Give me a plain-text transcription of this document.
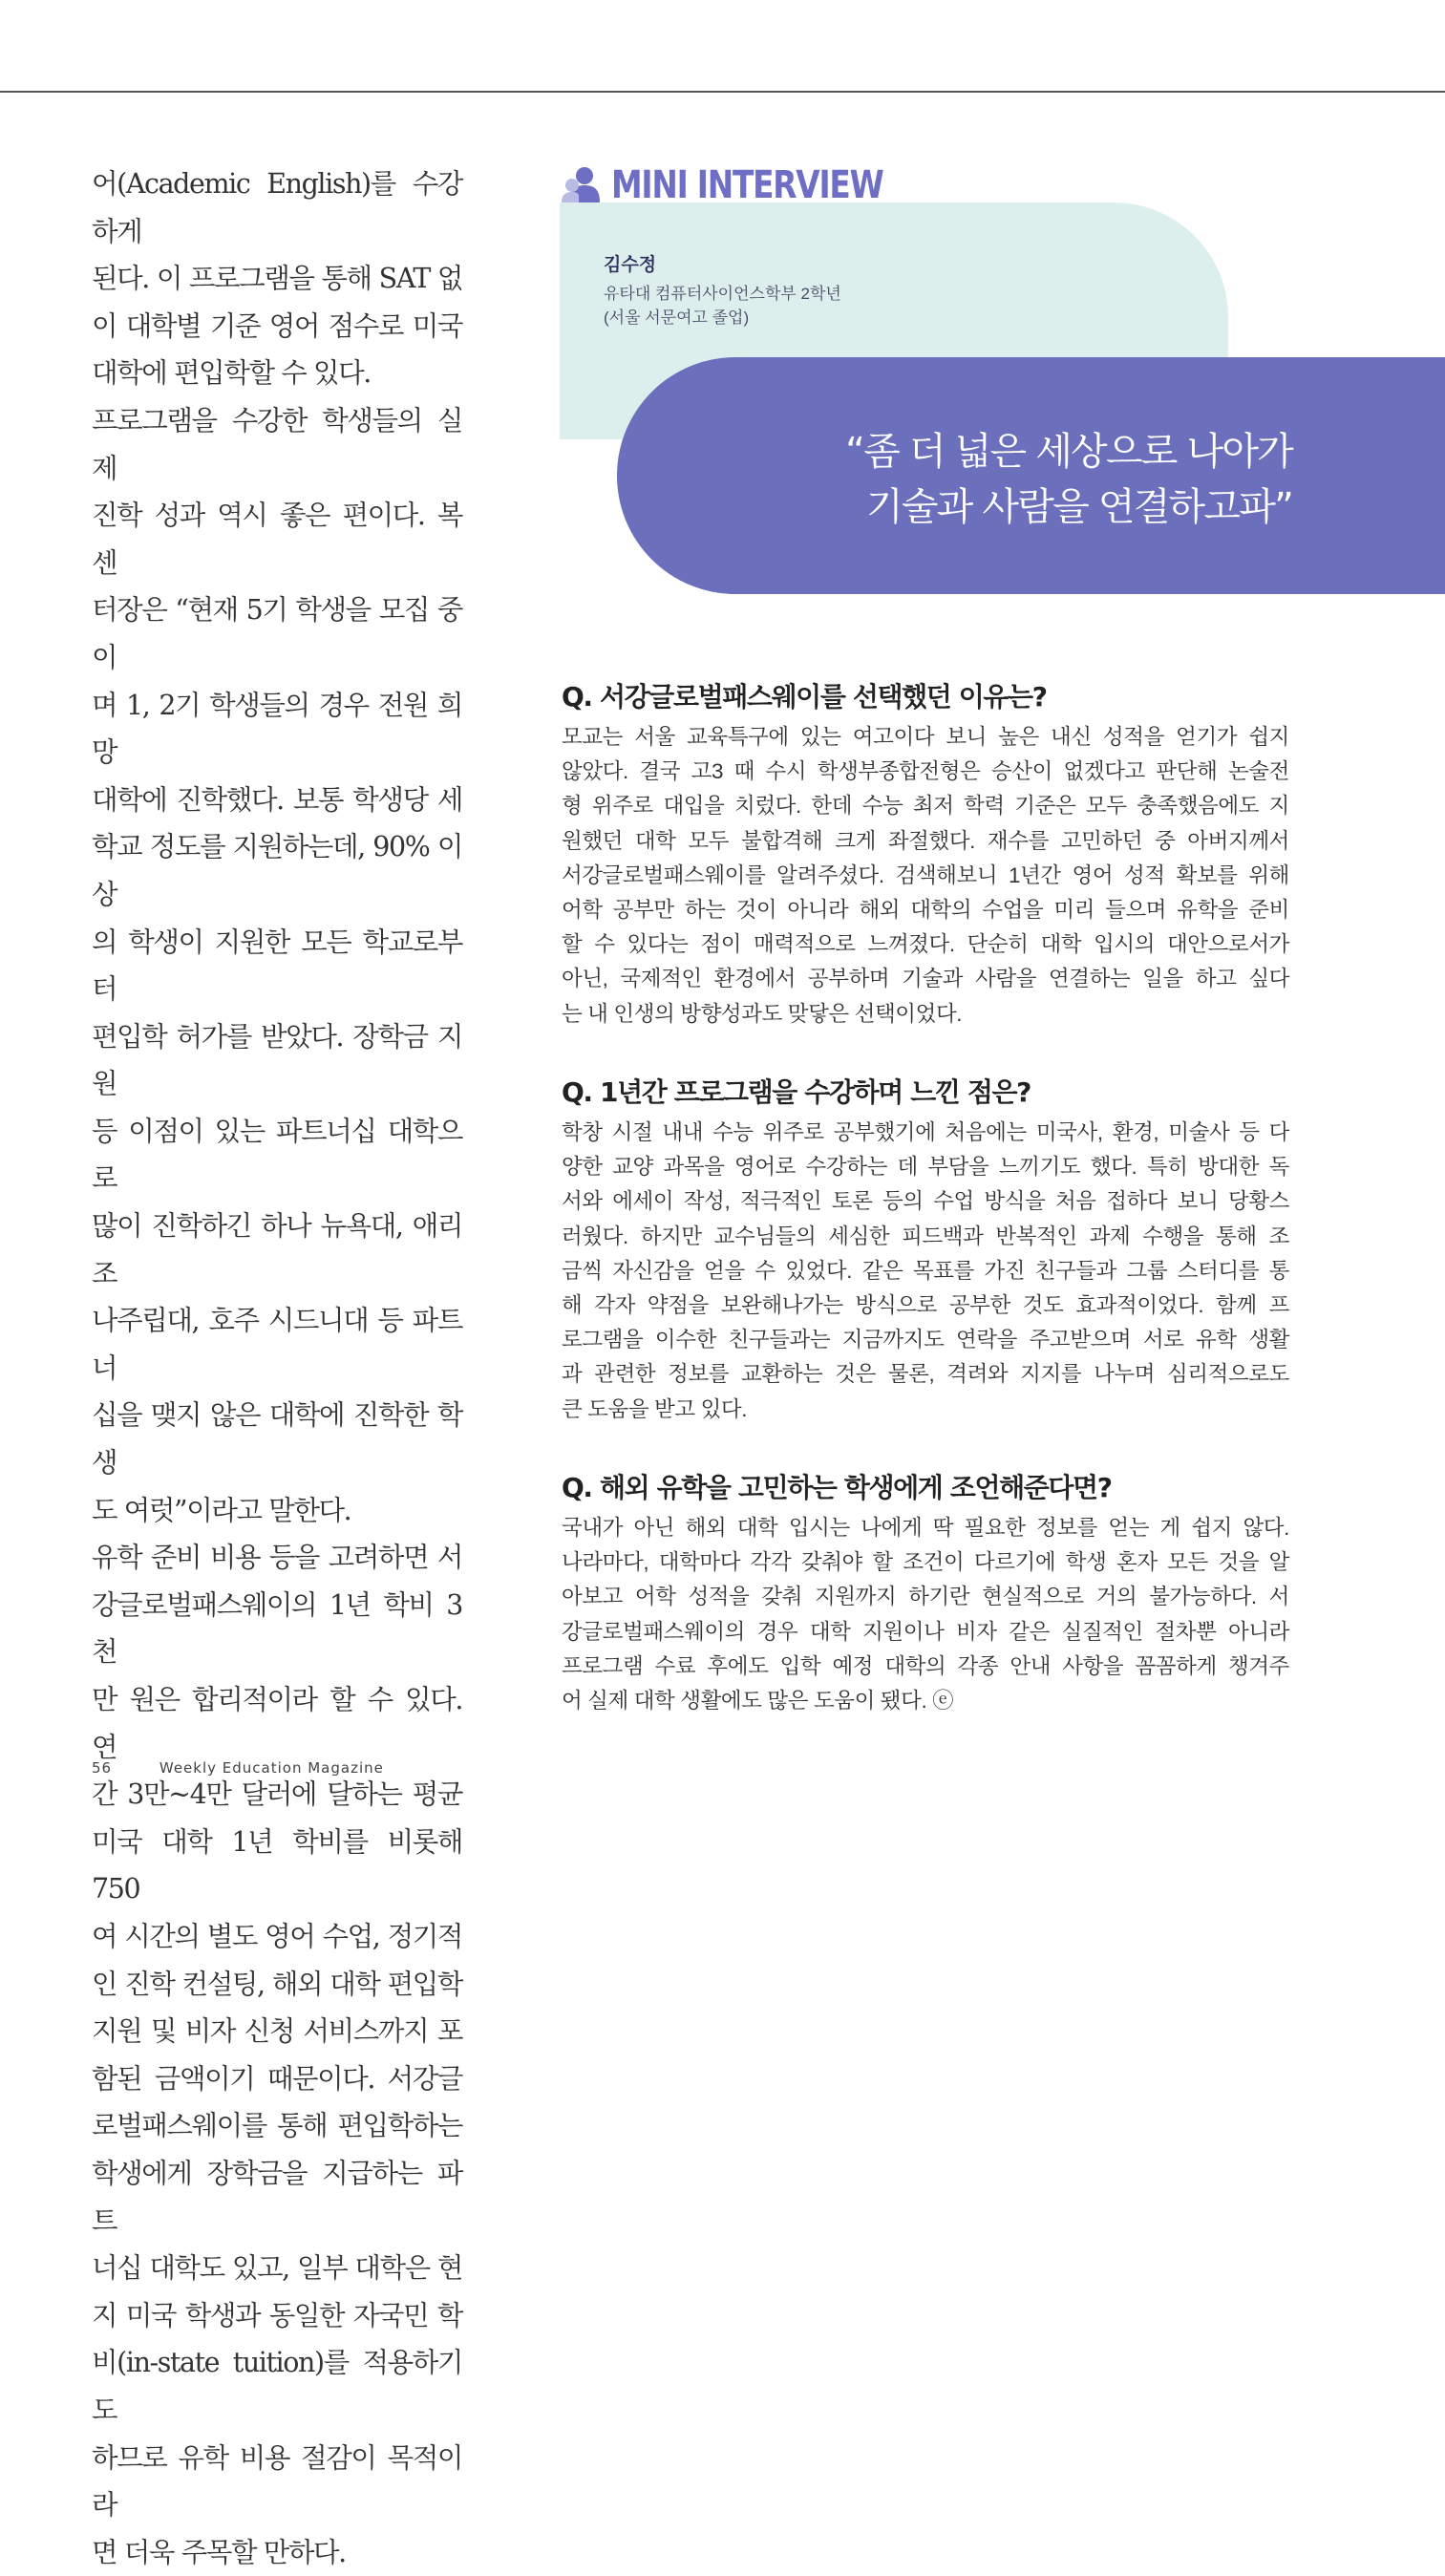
어(Academic English)를 수강하게
된다. 이 프로그램을 통해 SAT 없
이 대학별 기준 영어 점수로 미국
대학에 편입학할 수 있다.

프로그램을 수강한 학생들의 실제
진학 성과 역시 좋은 편이다. 복 센
터장은 “현재 5기 학생을 모집 중이
며 1, 2기 학생들의 경우 전원 희망
대학에 진학했다. 보통 학생당 세
학교 정도를 지원하는데, 90% 이상
의 학생이 지원한 모든 학교로부터
편입학 허가를 받았다. 장학금 지원
등 이점이 있는 파트너십 대학으로
많이 진학하긴 하나 뉴욕대, 애리조
나주립대, 호주 시드니대 등 파트너
십을 맺지 않은 대학에 진학한 학생
도 여럿”이라고 말한다.

유학 준비 비용 등을 고려하면 서
강글로벌패스웨이의 1년 학비 3천
만 원은 합리적이라 할 수 있다. 연
간 3만~4만 달러에 달하는 평균
미국 대학 1년 학비를 비롯해 750
여 시간의 별도 영어 수업, 정기적
인 진학 컨설팅, 해외 대학 편입학
지원 및 비자 신청 서비스까지 포
함된 금액이기 때문이다. 서강글
로벌패스웨이를 통해 편입학하는
학생에게 장학금을 지급하는 파트
너십 대학도 있고, 일부 대학은 현
지 미국 학생과 동일한 자국민 학
비(in-state tuition)를 적용하기도
하므로 유학 비용 절감이 목적이라
면 더욱 주목할 만하다.

MINI INTERVIEW
김수정
유타대 컴퓨터사이언스학부 2학년
(서울 서문여고 졸업)
“좀 더 넓은 세상으로 나아가
기술과 사람을 연결하고파”
Q. 서강글로벌패스웨이를 선택했던 이유는?
모교는 서울 교육특구에 있는 여고이다 보니 높은 내신 성적을 얻기가 쉽지
않았다. 결국 고3 때 수시 학생부종합전형은 승산이 없겠다고 판단해 논술전
형 위주로 대입을 치렀다. 한데 수능 최저 학력 기준은 모두 충족했음에도 지
원했던 대학 모두 불합격해 크게 좌절했다. 재수를 고민하던 중 아버지께서
서강글로벌패스웨이를 알려주셨다. 검색해보니 1년간 영어 성적 확보를 위해
어학 공부만 하는 것이 아니라 해외 대학의 수업을 미리 들으며 유학을 준비
할 수 있다는 점이 매력적으로 느껴졌다. 단순히 대학 입시의 대안으로서가
아닌, 국제적인 환경에서 공부하며 기술과 사람을 연결하는 일을 하고 싶다
는 내 인생의 방향성과도 맞닿은 선택이었다.
Q. 1년간 프로그램을 수강하며 느낀 점은?
학창 시절 내내 수능 위주로 공부했기에 처음에는 미국사, 환경, 미술사 등 다
양한 교양 과목을 영어로 수강하는 데 부담을 느끼기도 했다. 특히 방대한 독
서와 에세이 작성, 적극적인 토론 등의 수업 방식을 처음 접하다 보니 당황스
러웠다. 하지만 교수님들의 세심한 피드백과 반복적인 과제 수행을 통해 조
금씩 자신감을 얻을 수 있었다. 같은 목표를 가진 친구들과 그룹 스터디를 통
해 각자 약점을 보완해나가는 방식으로 공부한 것도 효과적이었다. 함께 프
로그램을 이수한 친구들과는 지금까지도 연락을 주고받으며 서로 유학 생활
과 관련한 정보를 교환하는 것은 물론, 격려와 지지를 나누며 심리적으로도
큰 도움을 받고 있다.
Q. 해외 유학을 고민하는 학생에게 조언해준다면?
국내가 아닌 해외 대학 입시는 나에게 딱 필요한 정보를 얻는 게 쉽지 않다.
나라마다, 대학마다 각각 갖춰야 할 조건이 다르기에 학생 혼자 모든 것을 알
아보고 어학 성적을 갖춰 지원까지 하기란 현실적으로 거의 불가능하다. 서
강글로벌패스웨이의 경우 대학 지원이나 비자 같은 실질적인 절차뿐 아니라
프로그램 수료 후에도 입학 예정 대학의 각종 안내 사항을 꼼꼼하게 챙겨주
어 실제 대학 생활에도 많은 도움이 됐다. ⓔ
56	Weekly Education Magazine
